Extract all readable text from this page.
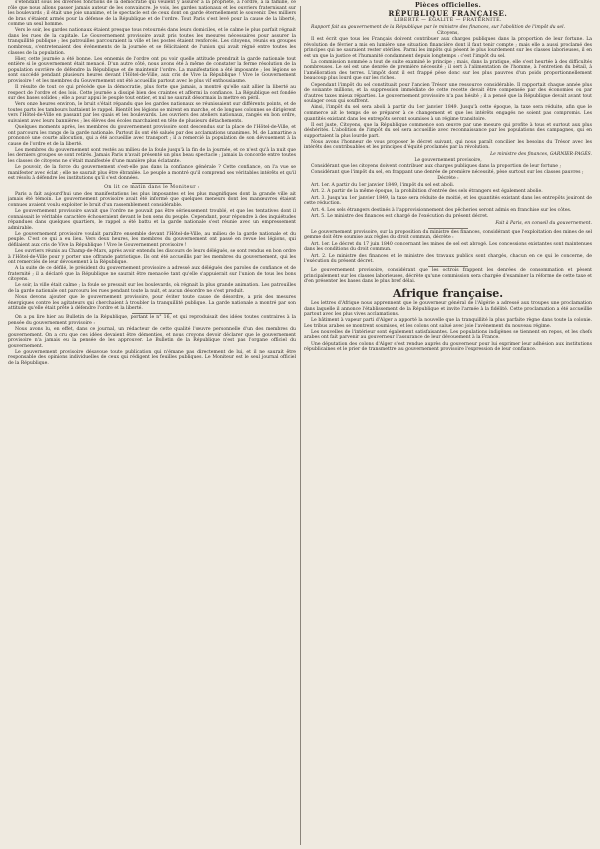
s'étendant sous les diverses fonctions de la démocratie qui veulent y assurer à la propriété, à l'ordre, à la famille, ce rôle que nous allons passer jamais auteur de les convaincre. Je vois, les gardes nationaux et les ouvriers fraternisant sur les boulevards ; il était une joie unanime, et le spectacle est de ceux dont on garde éternellement le souvenir. Des milliers de bras s'étaient armés pour la défense de la République et de l'ordre. Tout Paris s'est levé pour la cause de la liberté, comme un seul homme.

Vers le soir, les gardes nationaux étaient presque tous retournés dans leurs domiciles, et le calme le plus parfait régnait dans les rues de la capitale. Le Gouvernement provisoire avait pris toutes les mesures nécessaires pour assurer la tranquillité publique ; les patrouilles parcouraient la ville et les postes étaient renforcés. Les citoyens, réunis en groupes nombreux, s'entretenaient des événements de la journée et se félicitaient de l'union qui avait régné entre toutes les classes de la population.

Hier, cette journée a été bonne. Les ennemis de l'ordre ont pu voir quelle attitude prendrait la garde nationale tout entière si le gouvernement était menacé. D'un autre côté, nous avons été à même de constater la ferme résolution de la population ouvrière de défendre la République et de maintenir l'ordre. La manifestation a été imposante ; les légions se sont succédé pendant plusieurs heures devant l'Hôtel-de-Ville, aux cris de Vive la République ! Vive le Gouvernement provisoire ! et les membres du Gouvernement ont été accueillis partout avec le plus vif enthousiasme.

Il résulte de tout ce qui précède que la démocratie, plus forte que jamais, a montré qu'elle sait allier la liberté au respect de l'ordre et des lois. Cette journée a dissipé bien des craintes et affermi la confiance. La République est fondée sur des bases solides ; elle a pour appui le peuple tout entier, et nul ne saurait désormais la mettre en péril.

Vers onze heures environ, le bruit s'était répandu que les gardes nationaux se réunissaient sur différents points, et de toutes parts les tambours battaient le rappel. Bientôt les légions se mirent en marche, et de longues colonnes se dirigèrent vers l'Hôtel-de-Ville en passant par les quais et les boulevards. Les ouvriers des ateliers nationaux, rangés en bon ordre, suivaient avec leurs bannières ; les élèves des écoles marchaient en tête de plusieurs détachements.

Quelques moments après, les membres du gouvernement provisoire sont descendus sur la place de l'Hôtel-de-Ville, et ont parcouru les rangs de la garde nationale. Partout ils ont été salués par des acclamations unanimes. M. de Lamartine a prononcé une courte allocution, qui a été accueillie avec transport ; il a remercié la population de son dévouement à la cause de l'ordre et de la liberté.

Les membres du gouvernement sont restés au milieu de la foule jusqu'à la fin de la journée, et ce n'est qu'à la nuit que les derniers groupes se sont retirés. Jamais Paris n'avait présenté un plus beau spectacle ; jamais la concorde entre toutes les classes de citoyens ne s'était manifestée d'une manière plus éclatante.

Le pouvoir, de la force du gouvernement s'est-elle pas dans la confiance générale ? Cette confiance, on l'a vue se manifester avec éclat ; elle ne saurait plus être ébranlée. Le peuple a montré qu'il comprend ses véritables intérêts et qu'il est résolu à défendre les institutions qu'il s'est données.

On lit ce matin dans le Moniteur :

Paris a fait aujourd'hui une des manifestations les plus imposantes et les plus magnifiques dont la grande ville ait jamais été témoin. Le gouvernement provisoire avait été informé que quelques meneurs dont les manœuvres étaient connues avaient voulu exploiter le bruit d'un rassemblement considérable.

Le gouvernement provisoire savait que l'ordre ne pouvait pas être sérieusement troublé, et que les tentatives dont il connaissait le véritable caractère échoueraient devant le bon sens du peuple. Cependant, pour répondre à des inquiétudes répandues dans quelques quartiers, le rappel a été battu et la garde nationale s'est réunie avec un empressement admirable.

Le gouvernement provisoire voulait paraître ensemble devant l'Hôtel-de-Ville, au milieu de la garde nationale et du peuple. C'est ce qui a eu lieu. Vers deux heures, les membres du gouvernement ont passé en revue les légions, qui défilaient aux cris de Vive la République ! Vive le Gouvernement provisoire !

Les ouvriers réunis au Champ-de-Mars, après avoir entendu les discours de leurs délégués, se sont rendus en bon ordre à l'Hôtel-de-Ville pour y porter une offrande patriotique. Ils ont été accueillis par les membres du gouvernement, qui les ont remerciés de leur dévouement à la République.

A la suite de ce défilé, le président du gouvernement provisoire a adressé aux délégués des paroles de confiance et de fraternité ; il a déclaré que la République ne saurait être menacée tant qu'elle s'appuierait sur l'union de tous les bons citoyens.

Le soir, la ville était calme ; la foule se pressait sur les boulevards, où régnait la plus grande animation. Les patrouilles de la garde nationale ont parcouru les rues pendant toute la nuit, et aucun désordre ne s'est produit.

Nous devons ajouter que le gouvernement provisoire, pour éviter toute cause de désordre, a pris des mesures énergiques contre les agitateurs qui cherchaient à troubler la tranquillité publique. La garde nationale a montré par son attitude qu'elle était prête à défendre l'ordre et la liberté.

On a pu lire hier au Bulletin de la République, portant le n° 16, et qui reproduisait des idées toutes contraires à la pensée du gouvernement provisoire :

Nous avons lu, en effet, dans ce journal, un rédacteur de cette qualité l'œuvre personnelle d'un des membres du gouvernement. On a cru que ces idées devaient être démenties, et nous croyons devoir déclarer que le gouvernement provisoire n'a jamais eu la pensée de les approuver. Le Bulletin de la République n'est pas l'organe officiel du gouvernement.

Le gouvernement provisoire désavoue toute publication qui n'émane pas directement de lui, et il ne saurait être responsable des opinions individuelles de ceux qui rédigent les feuilles publiques. Le Moniteur est le seul journal officiel de la République.

Pièces officielles.

RÉPUBLIQUE FRANÇAISE.

LIBERTÉ — ÉGALITÉ — FRATERNITÉ.

Rapport fait au gouvernement de la République par le ministre des finances, sur l'abolition de l'impôt du sel.

Citoyens,

Il est écrit que tous les Français doivent contribuer aux charges publiques dans la proportion de leur fortune. La révolution de février a mis en lumière une situation financière dont il faut tenir compte ; mais elle a aussi proclamé des principes qui ne sauraient rester stériles. Parmi les impôts qui pèsent le plus lourdement sur les classes laborieuses, il en est un que la justice et l'humanité condamnent depuis longtemps : c'est l'impôt du sel.

La commission nommée a tout de suite examiné le principe ; mais, dans la pratique, elle s'est heurtée à des difficultés nombreuses. Le sel est une denrée de première nécessité ; il sert à l'alimentation de l'homme, à l'entretien du bétail, à l'amélioration des terres. L'impôt dont il est frappé pèse donc sur les plus pauvres d'un poids proportionnellement beaucoup plus lourd que sur les riches.

Cependant l'impôt du sel constituait pour l'ancien Trésor une ressource considérable. Il rapportait chaque année plus de soixante millions, et la suppression immédiate de cette recette devait être compensée par des économies ou par d'autres taxes mieux réparties. Le gouvernement provisoire n'a pas hésité ; il a pensé que la République devait avant tout soulager ceux qui souffrent.

Ainsi, l'impôt du sel sera aboli à partir du 1er janvier 1849. Jusqu'à cette époque, la taxe sera réduite, afin que le commerce ait le temps de se préparer à ce changement et que les intérêts engagés ne soient pas compromis. Les quantités existant dans les entrepôts seront soumises à un régime transitoire.

Il est juste, Citoyens, que la République commence son œuvre par une mesure qui profite à tous et surtout aux plus déshérités. L'abolition de l'impôt du sel sera accueillie avec reconnaissance par les populations des campagnes, qui en supportaient la plus lourde part.

Nous avons l'honneur de vous proposer le décret suivant, qui nous paraît concilier les besoins du Trésor avec les intérêts des contribuables et les principes d'équité proclamés par la révolution.

Le ministre des finances, GARNIER-PAGÈS.

Le gouvernement provisoire,

Considérant que les citoyens doivent contribuer aux charges publiques dans la proportion de leur fortune ;

Considérant que l'impôt du sel, en frappant une denrée de première nécessité, pèse surtout sur les classes pauvres ;

Décrète :

Art. 1er. A partir du 1er janvier 1849, l'impôt du sel est aboli.

Art. 2. A partir de la même époque, la prohibition d'entrée des sels étrangers est également abolie.

Art. 3. Jusqu'au 1er janvier 1849, la taxe sera réduite de moitié, et les quantités existant dans les entrepôts jouiront de cette réduction.

Art. 4. Les sels étrangers destinés à l'approvisionnement des pêcheries seront admis en franchise sur les côtes.

Art. 5. Le ministre des finances est chargé de l'exécution du présent décret.

Fait à Paris, en conseil du gouvernement.

Le gouvernement provisoire, sur la proposition du ministre des finances, considérant que l'exploitation des mines de sel gemme doit être soumise aux règles du droit commun, décrète :

Art. 1er. Le décret du 17 juin 1840 concernant les mines de sel est abrogé. Les concessions existantes sont maintenues dans les conditions du droit commun.

Art. 2. Le ministre des finances et le ministre des travaux publics sont chargés, chacun en ce qui le concerne, de l'exécution du présent décret.

Le gouvernement provisoire, considérant que les octrois frappent les denrées de consommation et pèsent principalement sur les classes laborieuses, décrète qu'une commission sera chargée d'examiner la réforme de cette taxe et d'en présenter les bases dans le plus bref délai.

Afrique française.

Les lettres d'Afrique nous apprennent que le gouverneur général de l'Algérie a adressé aux troupes une proclamation dans laquelle il annonce l'établissement de la République et invite l'armée à la fidélité. Cette proclamation a été accueillie partout avec les plus vives acclamations.

Le bâtiment à vapeur parti d'Alger a apporté la nouvelle que la tranquillité la plus parfaite règne dans toute la colonie. Les tribus arabes se montrent soumises, et les colons ont salué avec joie l'avènement du nouveau régime.

Les nouvelles de l'intérieur sont également satisfaisantes. Les populations indigènes se tiennent en repos, et les chefs arabes ont fait parvenir au gouverneur l'assurance de leur dévouement à la France.

Une députation des colons d'Alger s'est rendue auprès du gouverneur pour lui exprimer leur adhésion aux institutions républicaines et le prier de transmettre au gouvernement provisoire l'expression de leur confiance.
